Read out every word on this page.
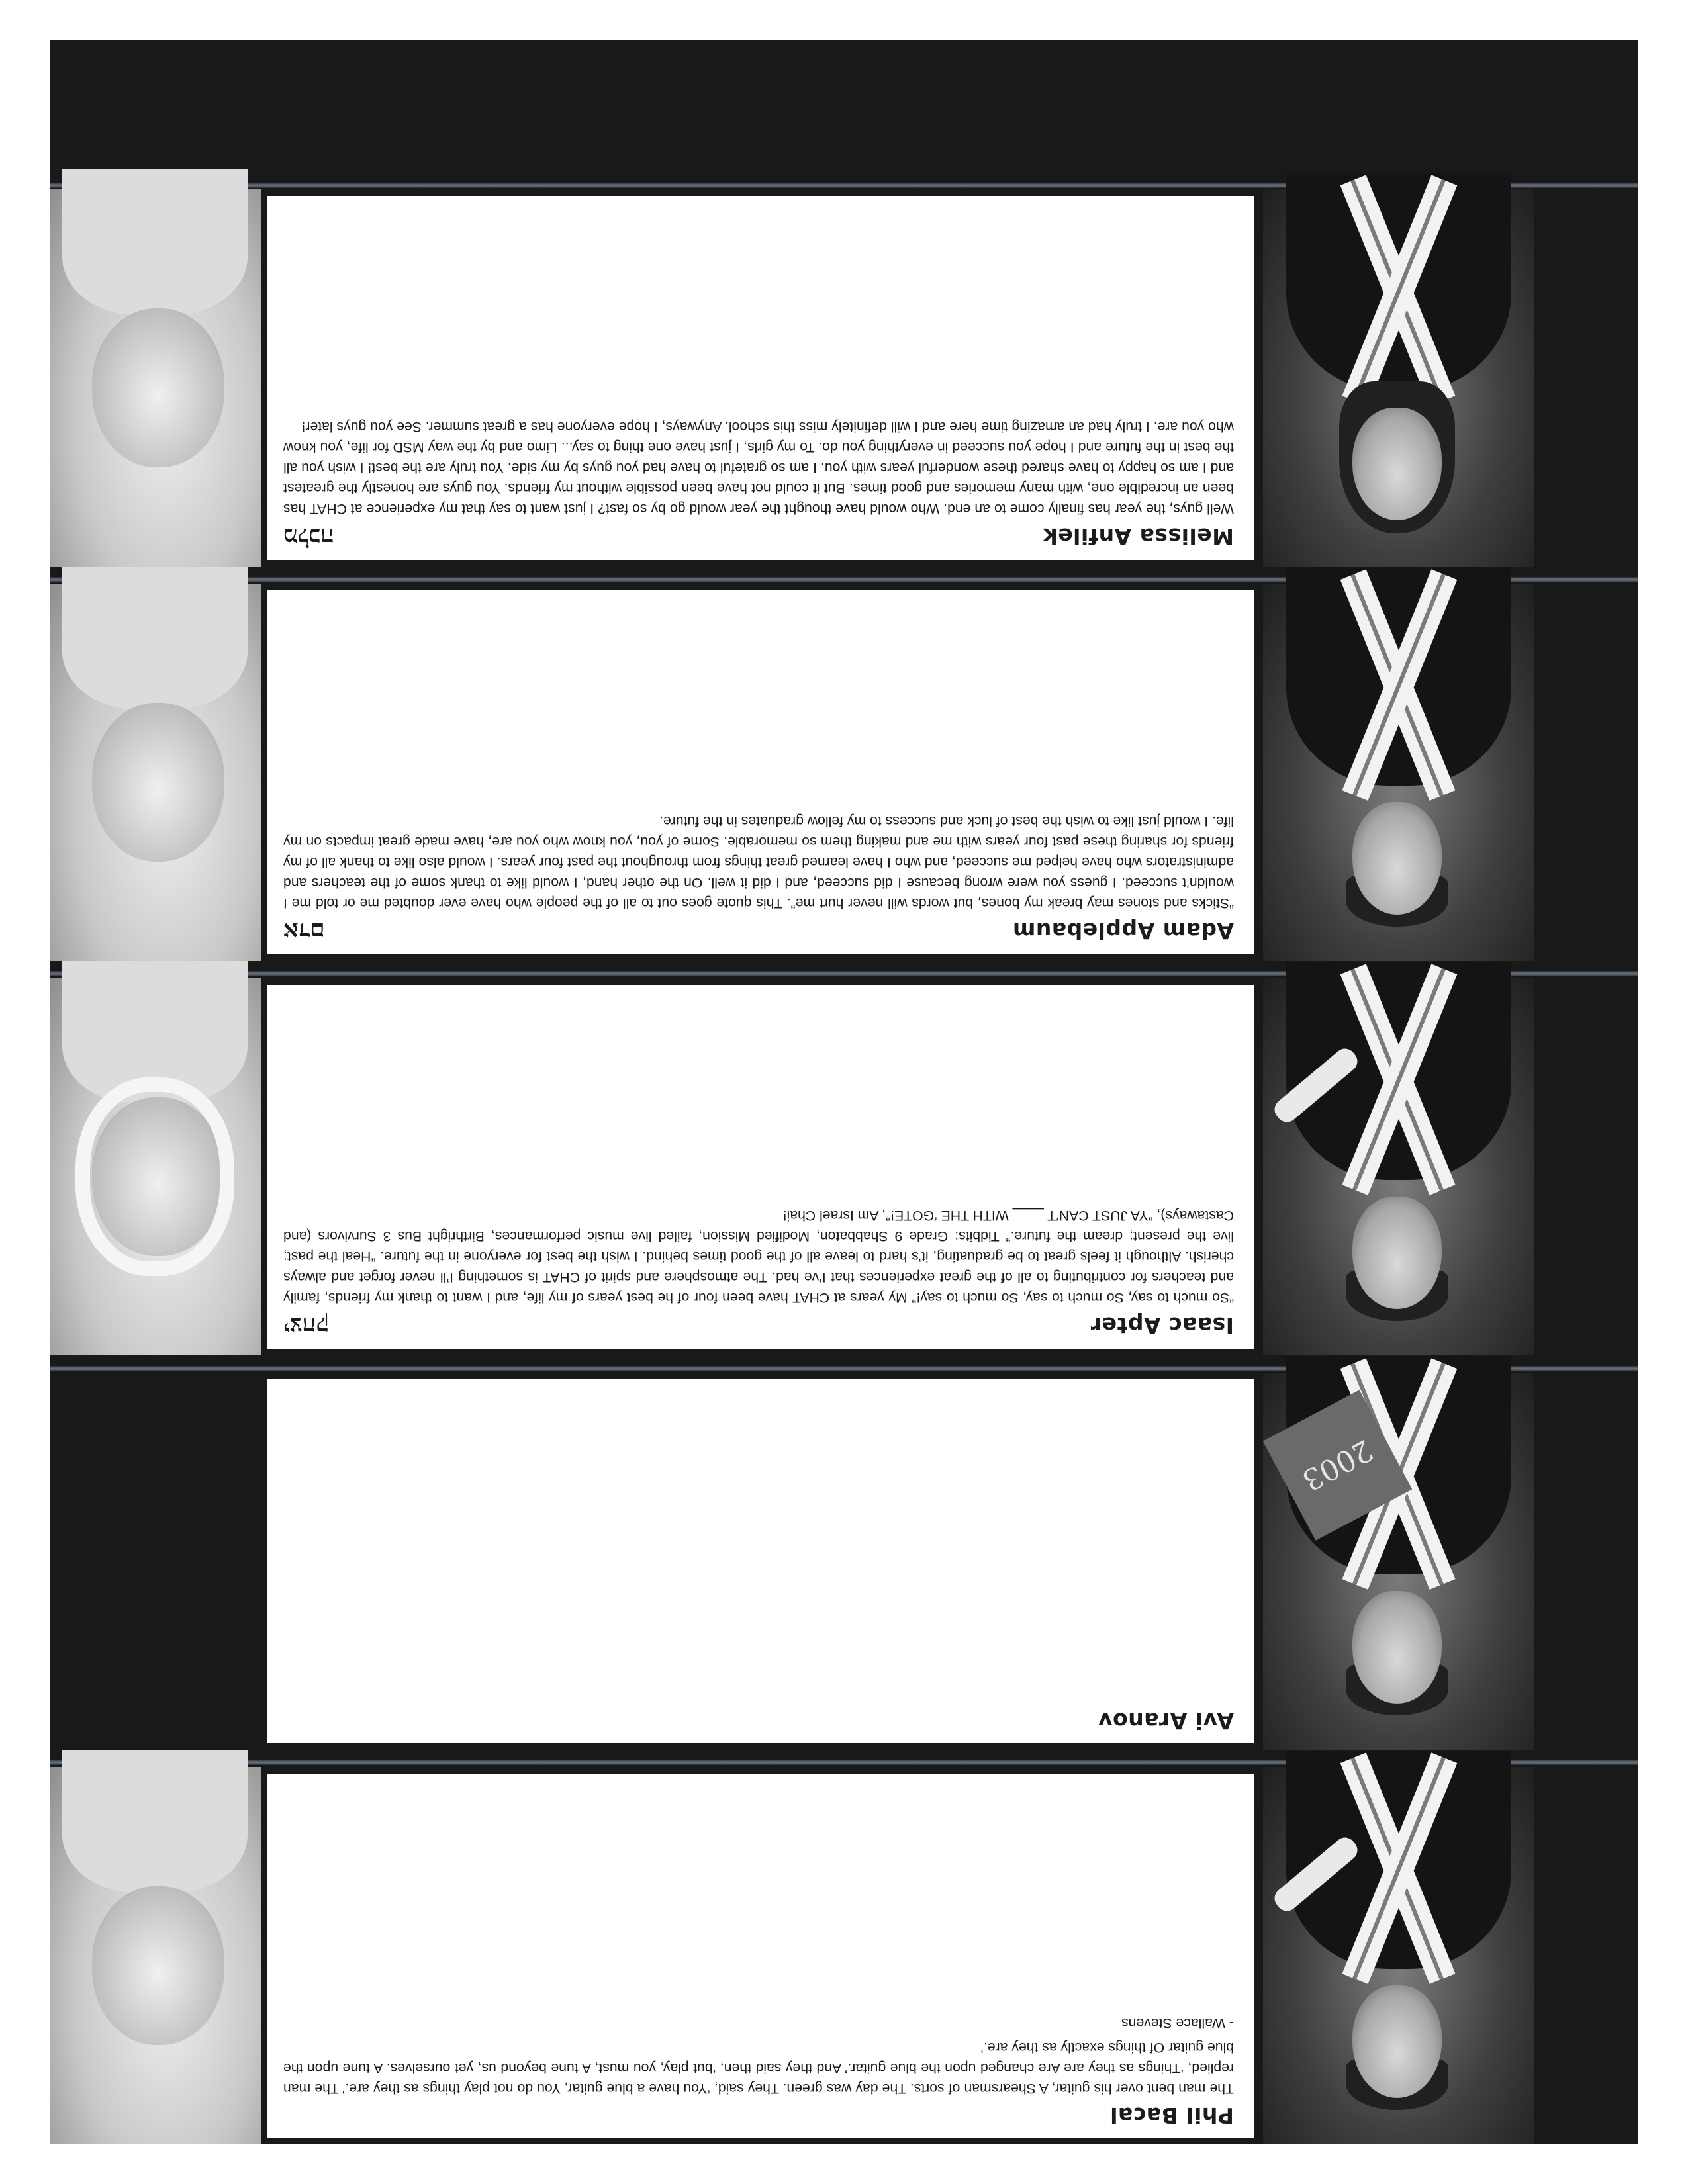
Phil Bacal
The man bent over his guitar, A Shearsman of sorts. The day was green. They said, ‘You have a blue guitar, You do not play things as they are.’ The man replied, ‘Things as they are Are changed upon the blue guitar.’ And they said then, ‘but play, you must, A tune beyond us, yet ourselves. A tune upon the blue guitar Of things exactly as they are.’
- Wallace Stevens
2003
Avi Aranov
Isaac Apter
יצחק
“So much to say, So much to say, So much to say!” My years at CHAT have been four of he best years of my life, and I want to thank my friends, family and teachers for contributing to all of the great experiences that I’ve had. The atmosphere and spirit of CHAT is something I’ll never forget and always cherish. Although it feels great to be graduating, it’s hard to leave all of the good times behind. I wish the best for everyone in the future. “Heal the past; live the present; dream the future.” Tidbits: Grade 9 Shabbaton, Modified Mission, failed live music performances, Birthright Bus 3 Survivors (and Castaways), “YA JUST CAN’T ____ WITH THE ‘GOTE!”, Am Israel Chai!
Adam Applebaum
אדם
“Sticks and stones may break my bones, but words will never hurt me”. This quote goes out to all of the people who have ever doubted me or told me I wouldn’t succeed. I guess you were wrong because I did succeed, and I did it well. On the other hand, I would like to thank some of the teachers and administrators who have helped me succeed, and who I have learned great things from throughout the past four years. I would also like to thank all of my friends for sharing these past four years with me and making them so memorable. Some of you, you know who you are, have made great impacts on my life. I would just like to wish the best of luck and success to my fellow graduates in the future.
Melissa Anfilek
מלכה
Well guys, the year has finally come to an end. Who would have thought the year would go by so fast? I just want to say that my experience at CHAT has been an incredible one, with many memories and good times. But it could not have been possible without my friends. You guys are honestly the greatest and I am so happy to have shared these wonderful years with you. I am so grateful to have had you guys by my side. You truly are the best! I wish you all the best in the future and I hope you succeed in everything you do. To my girls, I just have one thing to say... Limo and by the way MSD for life, you know who you are. I truly had an amazing time here and I will definitely miss this school. Anyways, I hope everyone has a great summer. See you guys later!
134
